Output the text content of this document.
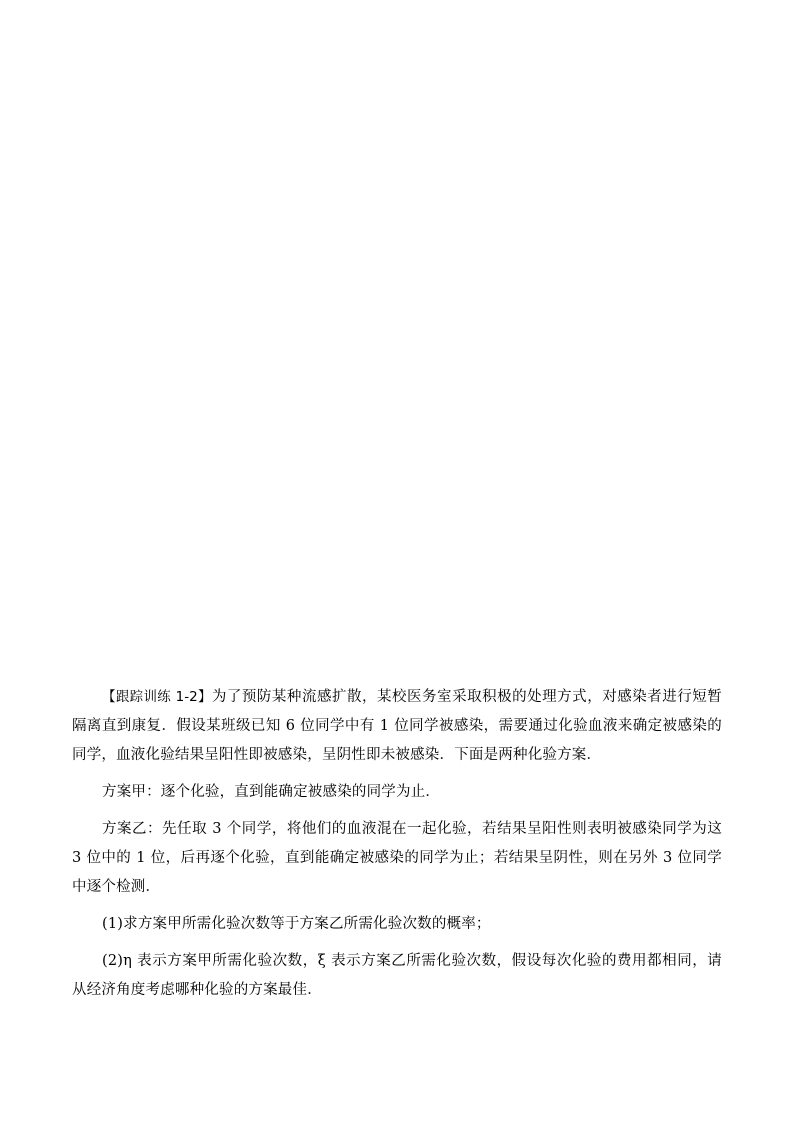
【跟踪训练 1-2】为了预防某种流感扩散，某校医务室采取积极的处理方式，对感染者进行短暂隔离直到康复．假设某班级已知 6 位同学中有 1 位同学被感染，需要通过化验血液来确定被感染的同学，血液化验结果呈阳性即被感染，呈阴性即未被感染．下面是两种化验方案．

方案甲：逐个化验，直到能确定被感染的同学为止．

方案乙：先任取 3 个同学，将他们的血液混在一起化验，若结果呈阳性则表明被感染同学为这 3 位中的 1 位，后再逐个化验，直到能确定被感染的同学为止；若结果呈阴性，则在另外 3 位同学中逐个检测．

(1)求方案甲所需化验次数等于方案乙所需化验次数的概率；

(2)η 表示方案甲所需化验次数，ξ 表示方案乙所需化验次数，假设每次化验的费用都相同，请从经济角度考虑哪种化验的方案最佳．
